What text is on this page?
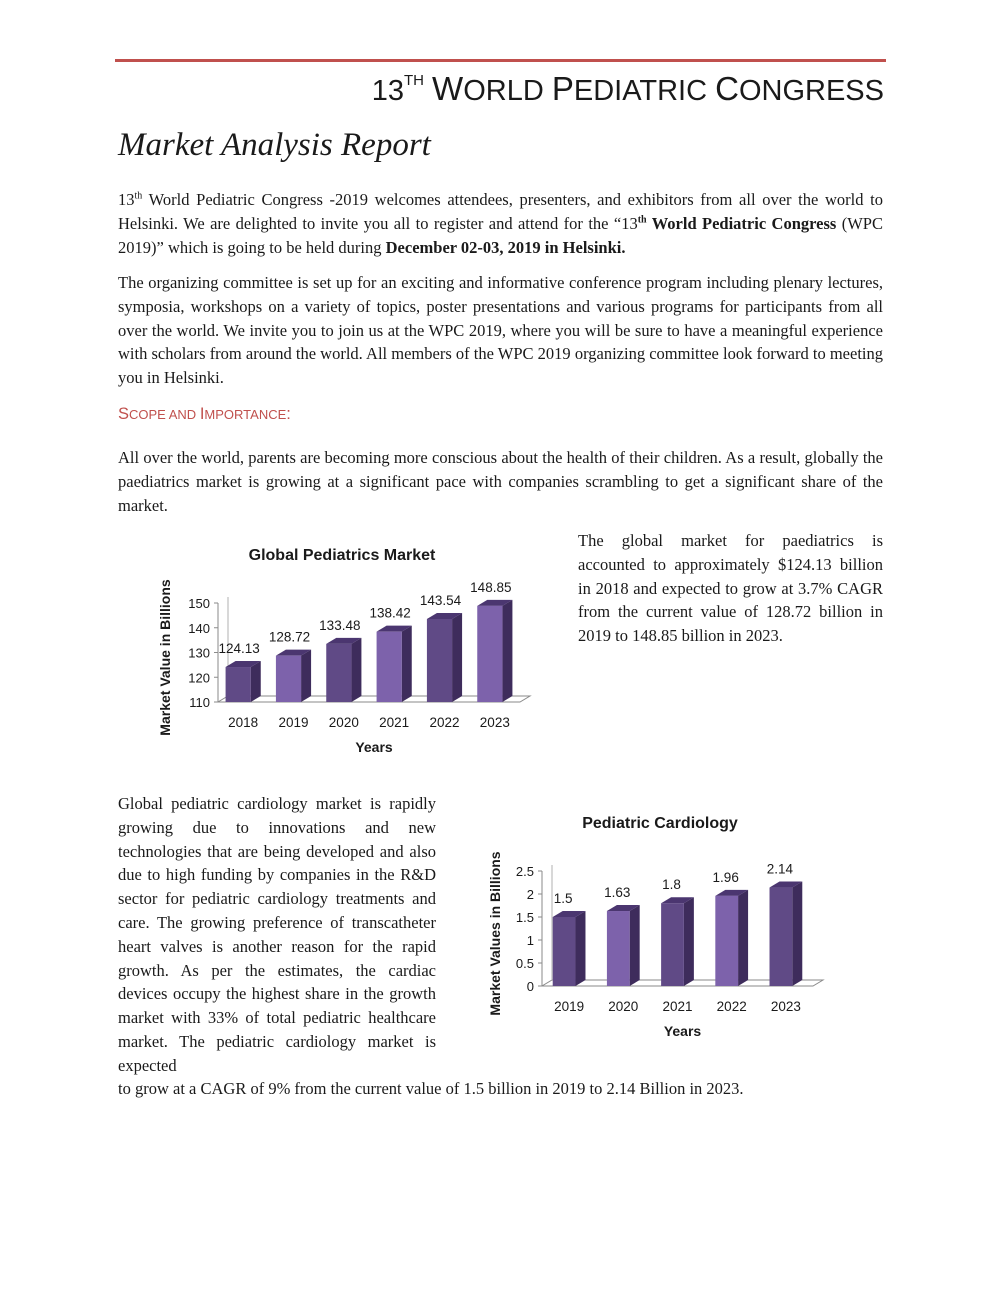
13TH WORLD PEDIATRIC CONGRESS
Market Analysis Report

13th World Pediatric Congress -2019 welcomes attendees, presenters, and exhibitors from all over the world to Helsinki. We are delighted to invite you all to register and attend for the “13th World Pediatric Congress (WPC 2019)” which is going to be held during December 02-03, 2019 in Helsinki.

The organizing committee is set up for an exciting and informative conference program including plenary lectures, symposia, workshops on a variety of topics, poster presentations and various programs for participants from all over the world. We invite you to join us at the WPC 2019, where you will be sure to have a meaningful experience with scholars from around the world. All members of the WPC 2019 organizing committee look forward to meeting you in Helsinki.

SCOPE AND IMPORTANCE:

All over the world, parents are becoming more conscious about the health of their children. As a result, globally the paediatrics market is growing at a significant pace with companies scrambling to get a significant share of the market.

Global Pediatrics Market
110
120
130
140
150
124.13
2018
128.72
2019
133.48
2020
138.42
2021
143.54
2022
148.85
2023
Years
Market Value in Billions

The global market for paediatrics is accounted to approximately $124.13 billion in 2018 and expected to grow at 3.7% CAGR from the current value of 128.72 billion in 2019 to 148.85 billion in 2023.

Global pediatric cardiology market is rapidly growing due to innovations and new technologies that are being developed and also due to high funding by companies in the R&D sector for pediatric cardiology treatments and care. The growing preference of transcatheter heart valves is another reason for the rapid growth. As per the estimates, the cardiac devices occupy the highest share in the growth market with 33% of total pediatric healthcare market. The pediatric cardiology market is expected

Pediatric Cardiology
0
0.5
1
1.5
2
2.5
1.5
2019
1.63
2020
1.8
2021
1.96
2022
2.14
2023
Years
Market Values in Billions

to grow at a CAGR of 9% from the current value of 1.5 billion in 2019 to 2.14 Billion in 2023.
